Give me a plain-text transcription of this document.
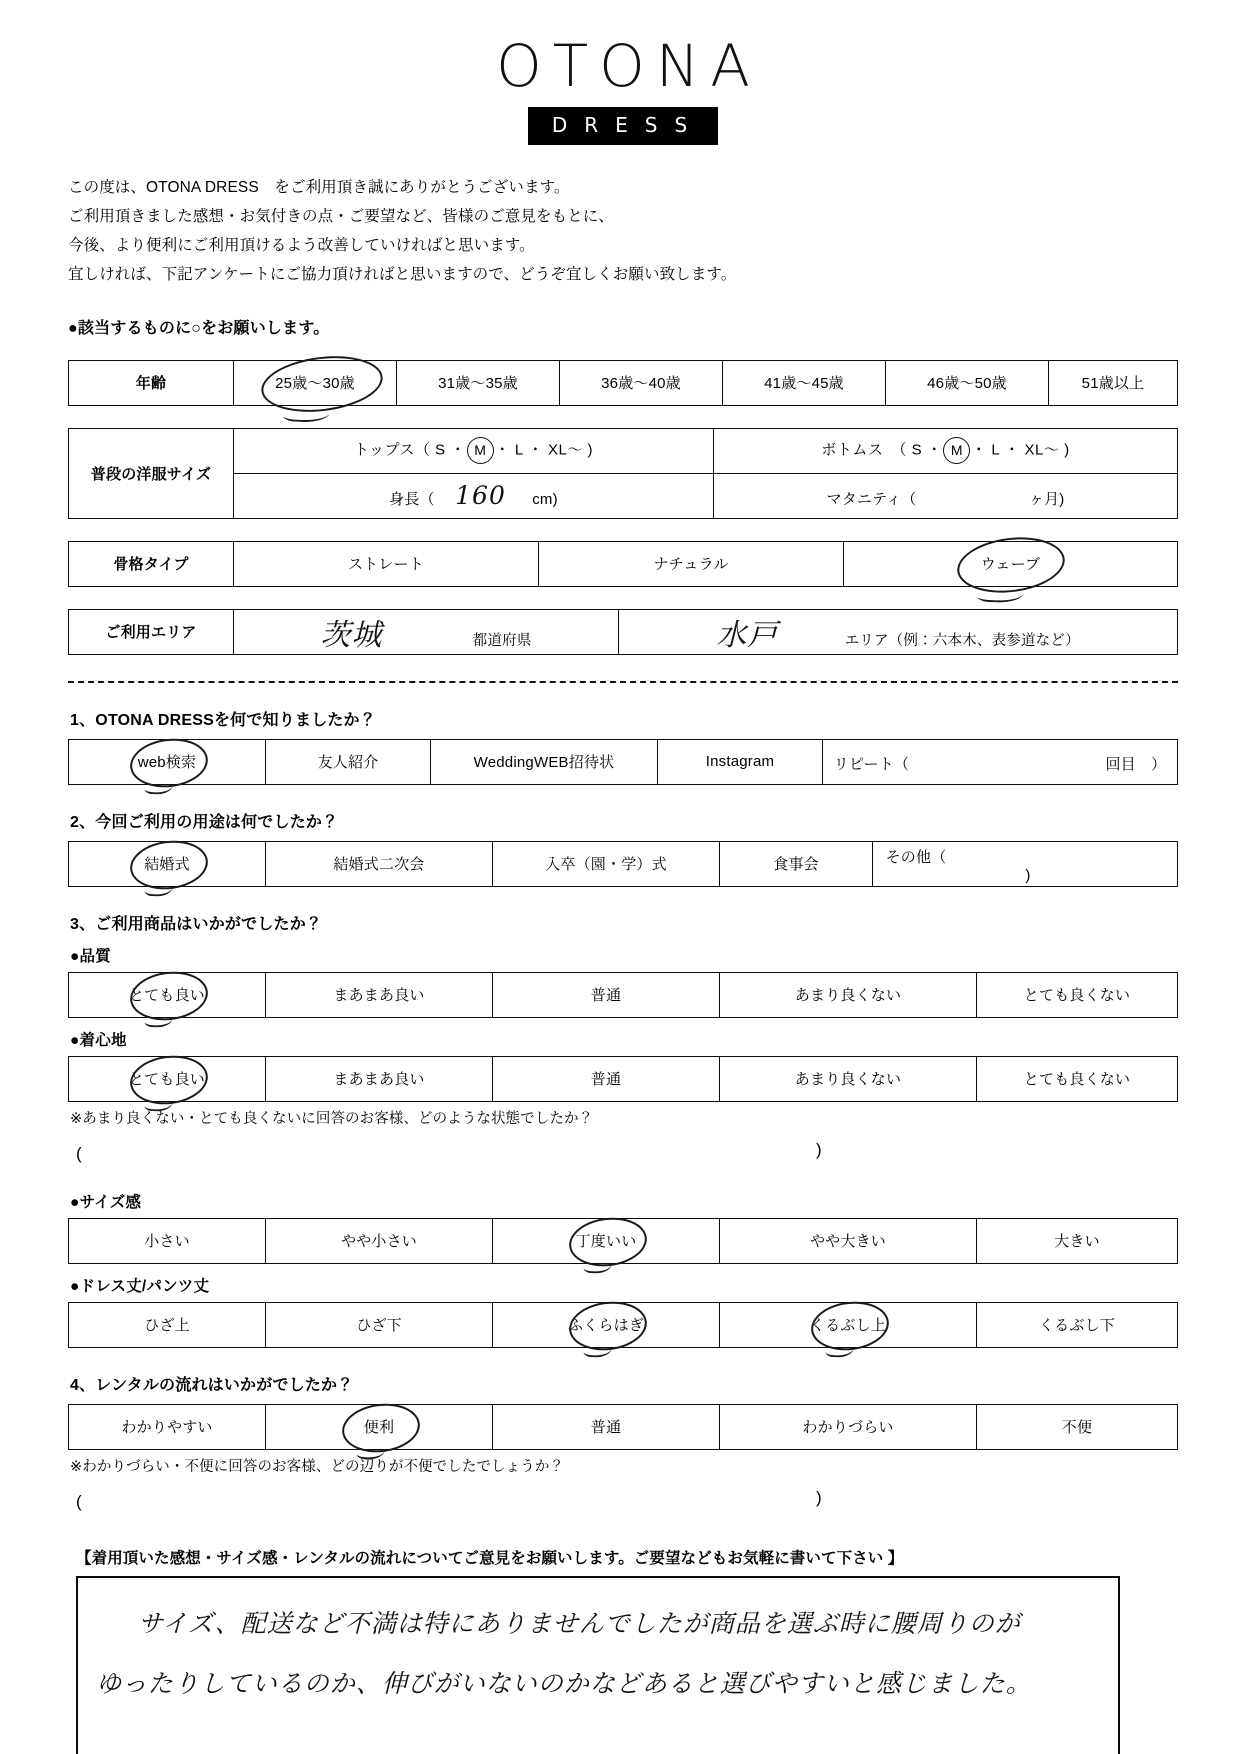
OTONA
DRESS
この度は、OTONA DRESS　をご利用頂き誠にありがとうございます。
ご利用頂きました感想・お気付きの点・ご要望など、皆様のご意見をもとに、
今後、より便利にご利用頂けるよう改善していければと思います。
宜しければ、下記アンケートにご協力頂ければと思いますので、どうぞ宜しくお願い致します。
●該当するものに○をお願いします。
年齢	25歳～30歳	31歳～35歳	36歳～40歳	41歳～45歳	46歳～50歳	51歳以上
普段の洋服サイズ	トップス（ S ・ M ・ L ・ XL～ )	ボトムス　（ S ・ M ・ L ・ XL～ )
	身長（ 160 cm)	マタニティ（ ヶ月)
骨格タイプ	ストレート	ナチュラル	ウェーブ
ご利用エリア	茨城	都道府県	水戸	エリア（例：六本木、表参道など）
1、OTONA DRESSを何で知りましたか？
web検索	友人紹介	WeddingWEB招待状	Instagram	リピート（	回目　）
2、今回ご利用の用途は何でしたか？
結婚式	結婚式二次会	入卒（園・学）式	食事会	その他（ )
3、ご利用商品はいかがでしたか？
●品質
とても良い	まあまあ良い	普通	あまり良くない	とても良くない
●着心地
とても良い	まあまあ良い	普通	あまり良くない	とても良くない
※あまり良くない・とても良くないに回答のお客様、どのような状態でしたか？
(	)
●サイズ感
小さい	やや小さい	丁度いい	やや大きい	大きい
●ドレス丈/パンツ丈
ひざ上	ひざ下	ふくらはぎ	くるぶし上	くるぶし下
4、レンタルの流れはいかがでしたか？
わかりやすい	便利	普通	わかりづらい	不便
※わかりづらい・不便に回答のお客様、どの辺りが不便でしたでしょうか？
(	)
【着用頂いた感想・サイズ感・レンタルの流れについてご意見をお願いします。ご要望などもお気軽に書いて下さい 】
サイズ、配送など不満は特にありませんでしたが商品を選ぶ時に腰周りのが
ゆったりしているのか、伸びがいないのかなどあると選びやすいと感じました。
